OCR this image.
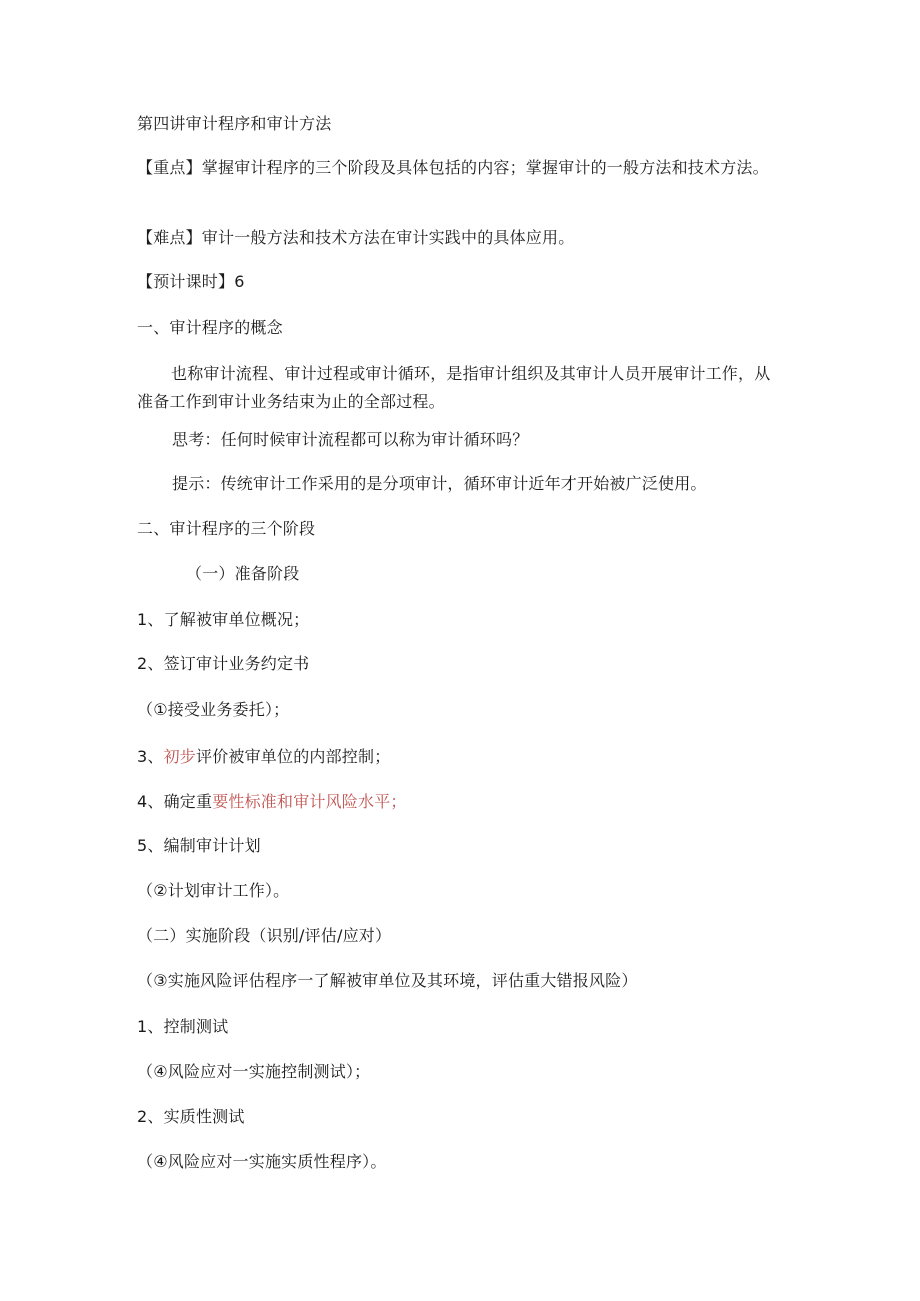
第四讲审计程序和审计方法
【重点】掌握审计程序的三个阶段及具体包括的内容；掌握审计的一般方法和技术方法。
【难点】审计一般方法和技术方法在审计实践中的具体应用。
【预计课时】6
一、审计程序的概念
也称审计流程、审计过程或审计循环，是指审计组织及其审计人员开展审计工作，从准备工作到审计业务结束为止的全部过程。
思考：任何时候审计流程都可以称为审计循环吗？
提示：传统审计工作采用的是分项审计，循环审计近年才开始被广泛使用。
二、审计程序的三个阶段
（一）准备阶段
1、了解被审单位概况；
2、签订审计业务约定书
（①接受业务委托）；
3、初步评价被审单位的内部控制；
4、确定重要性标准和审计风险水平；
5、编制审计计划
（②计划审计工作）。
（二）实施阶段（识别/评估/应对）
（③实施风险评估程序一了解被审单位及其环境，评估重大错报风险）
1、控制测试
（④风险应对一实施控制测试）；
2、实质性测试
（④风险应对一实施实质性程序）。
